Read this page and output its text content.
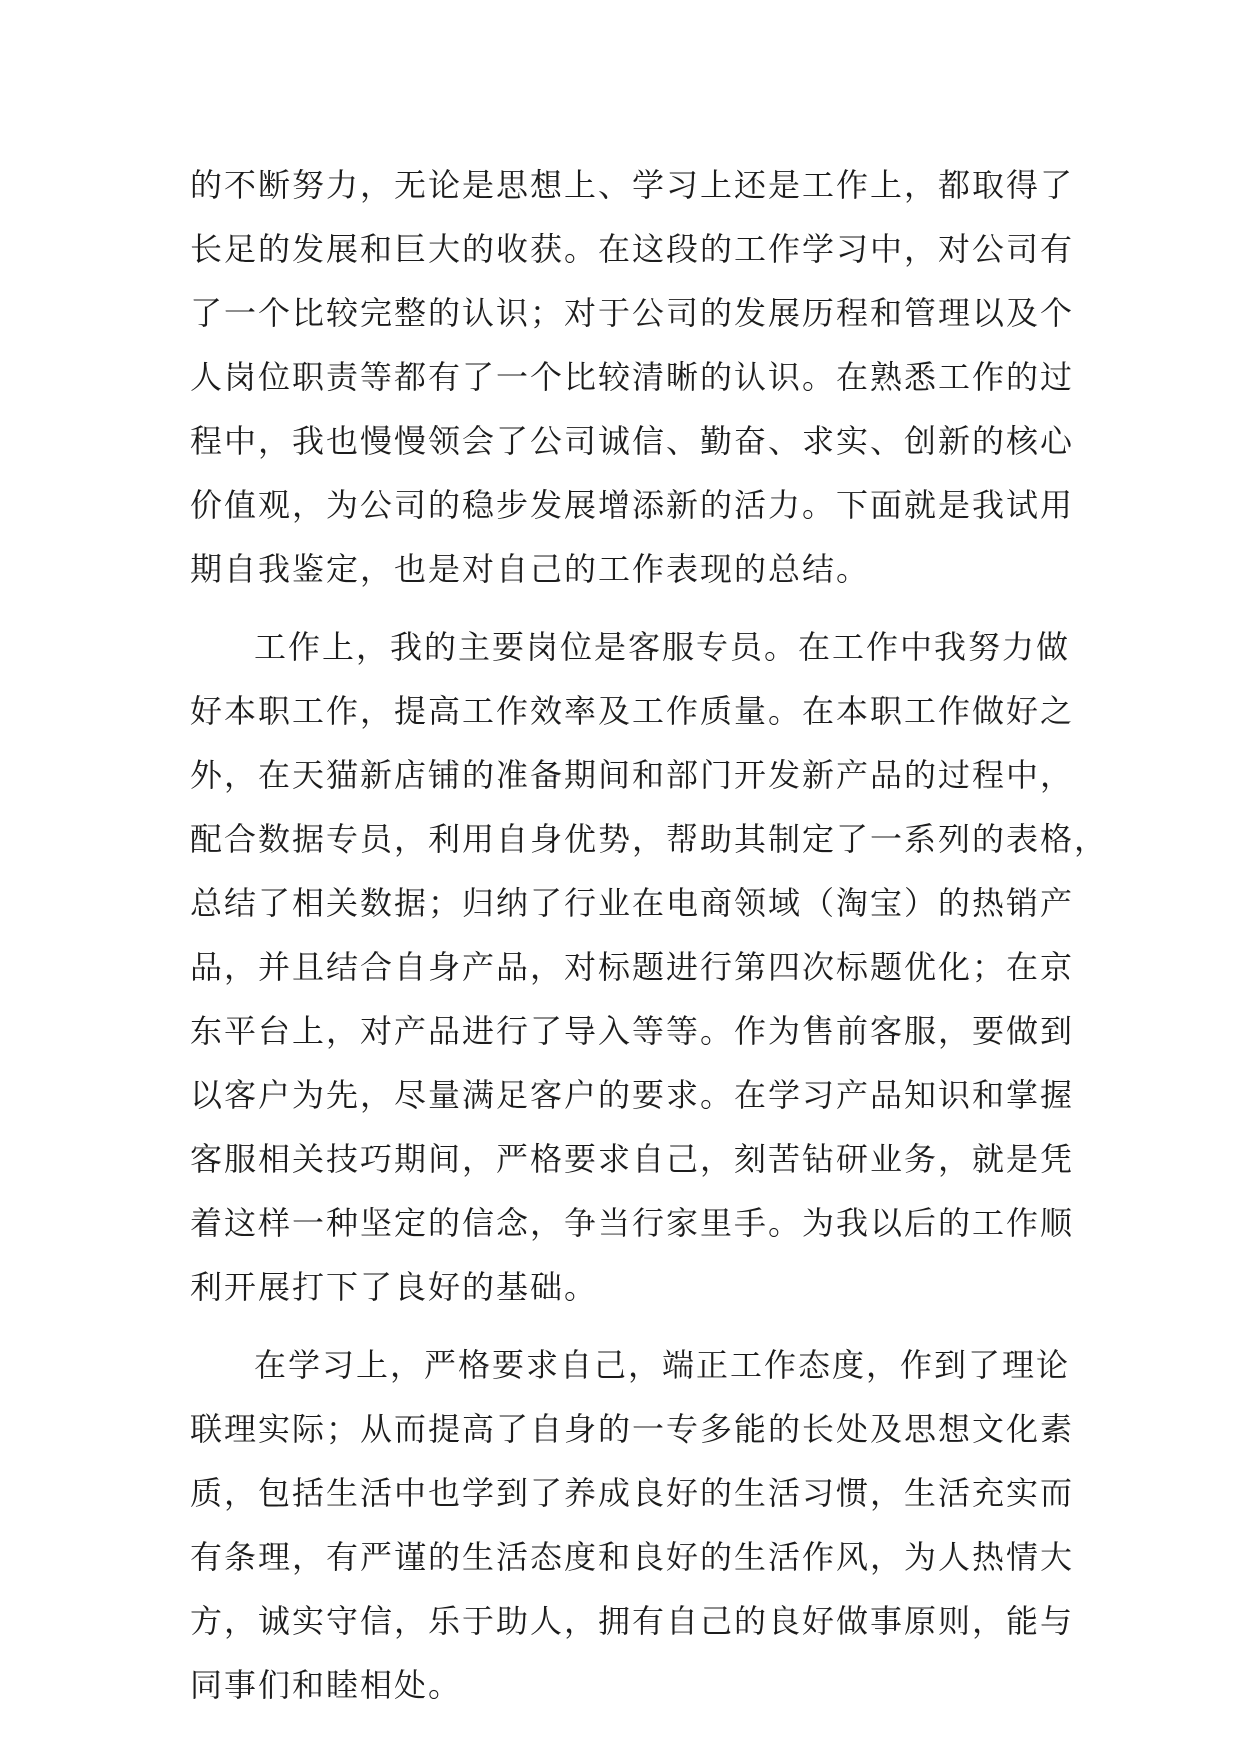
的不断努力，无论是思想上、学习上还是工作上，都取得了
长足的发展和巨大的收获。在这段的工作学习中，对公司有
了一个比较完整的认识；对于公司的发展历程和管理以及个
人岗位职责等都有了一个比较清晰的认识。在熟悉工作的过
程中，我也慢慢领会了公司诚信、勤奋、求实、创新的核心
价值观，为公司的稳步发展增添新的活力。下面就是我试用
期自我鉴定，也是对自己的工作表现的总结。
工作上，我的主要岗位是客服专员。在工作中我努力做
好本职工作，提高工作效率及工作质量。在本职工作做好之
外，在天猫新店铺的准备期间和部门开发新产品的过程中，
配合数据专员，利用自身优势，帮助其制定了一系列的表格，
总结了相关数据；归纳了行业在电商领域（淘宝）的热销产
品，并且结合自身产品，对标题进行第四次标题优化；在京
东平台上，对产品进行了导入等等。作为售前客服，要做到
以客户为先，尽量满足客户的要求。在学习产品知识和掌握
客服相关技巧期间，严格要求自己，刻苦钻研业务，就是凭
着这样一种坚定的信念，争当行家里手。为我以后的工作顺
利开展打下了良好的基础。
在学习上，严格要求自己，端正工作态度，作到了理论
联理实际；从而提高了自身的一专多能的长处及思想文化素
质，包括生活中也学到了养成良好的生活习惯，生活充实而
有条理，有严谨的生活态度和良好的生活作风，为人热情大
方，诚实守信，乐于助人，拥有自己的良好做事原则，能与
同事们和睦相处。
